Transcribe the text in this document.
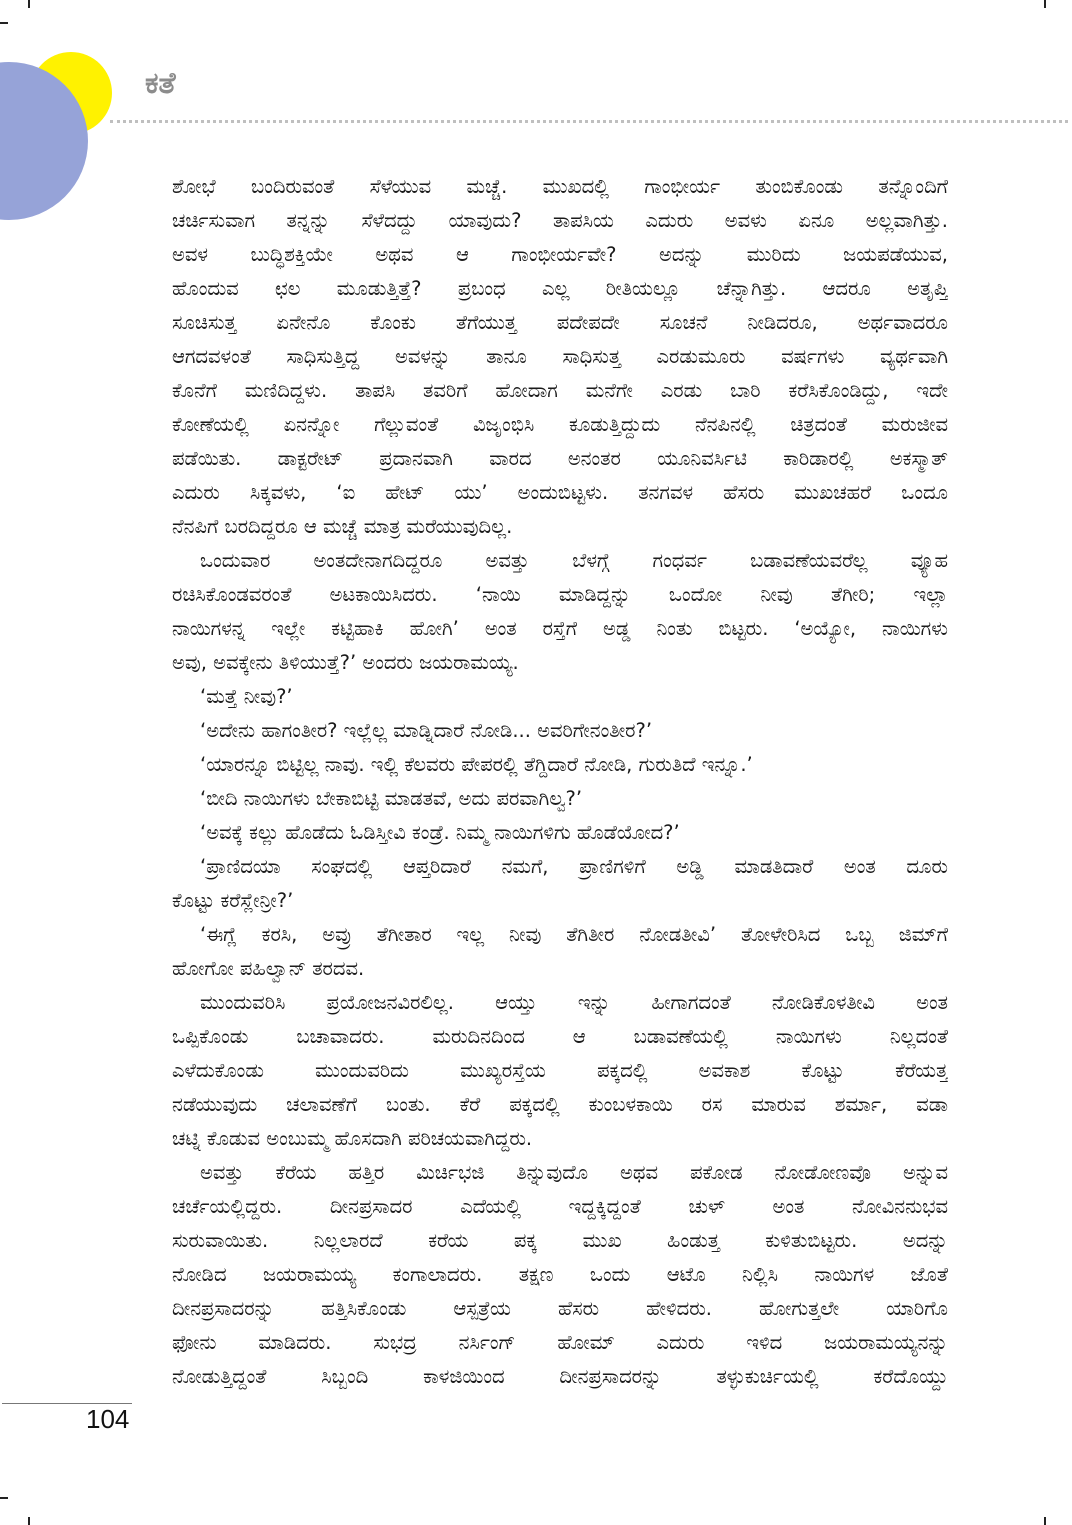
ಕತೆ
ಶೋಭೆ ಬಂದಿರುವಂತೆ ಸೆಳೆಯುವ ಮಚ್ಚೆ. ಮುಖದಲ್ಲಿ ಗಾಂಭೀರ್ಯ ತುಂಬಿಕೊಂಡು ತನ್ನೊಂದಿಗೆ
ಚರ್ಚಿಸುವಾಗ ತನ್ನನ್ನು ಸೆಳೆದದ್ದು ಯಾವುದು? ತಾಪಸಿಯ ಎದುರು ಅವಳು ಏನೂ ಅಲ್ಲವಾಗಿತ್ತು.
ಅವಳ ಬುದ್ಧಿಶಕ್ತಿಯೇ ಅಥವ ಆ ಗಾಂಭೀರ್ಯವೇ? ಅದನ್ನು ಮುರಿದು ಜಯಪಡೆಯುವ,
ಹೊಂದುವ ಛಲ ಮೂಡುತ್ತಿತ್ತೆ? ಪ್ರಬಂಧ ಎಲ್ಲ ರೀತಿಯಲ್ಲೂ ಚೆನ್ನಾಗಿತ್ತು. ಆದರೂ ಅತೃಪ್ತಿ
ಸೂಚಿಸುತ್ತ ಏನೇನೊ ಕೊಂಕು ತೆಗೆಯುತ್ತ ಪದೇಪದೇ ಸೂಚನೆ ನೀಡಿದರೂ, ಅರ್ಥವಾದರೂ
ಆಗದವಳಂತೆ ಸಾಧಿಸುತ್ತಿದ್ದ ಅವಳನ್ನು ತಾನೂ ಸಾಧಿಸುತ್ತ ಎರಡುಮೂರು ವರ್ಷಗಳು ವ್ಯರ್ಥವಾಗಿ
ಕೊನೆಗೆ ಮಣಿದಿದ್ದಳು. ತಾಪಸಿ ತವರಿಗೆ ಹೋದಾಗ ಮನೆಗೇ ಎರಡು ಬಾರಿ ಕರೆಸಿಕೊಂಡಿದ್ದು, ಇದೇ
ಕೋಣೆಯಲ್ಲಿ ಏನನ್ನೋ ಗೆಲ್ಲುವಂತೆ ವಿಜೃಂಭಿಸಿ ಕೂಡುತ್ತಿದ್ದುದು ನೆನಪಿನಲ್ಲಿ ಚಿತ್ರದಂತೆ ಮರುಜೀವ
ಪಡೆಯಿತು. ಡಾಕ್ಟರೇಟ್ ಪ್ರದಾನವಾಗಿ ವಾರದ ಅನಂತರ ಯೂನಿವರ್ಸಿಟಿ ಕಾರಿಡಾರಲ್ಲಿ ಅಕಸ್ಮಾತ್
ಎದುರು ಸಿಕ್ಕವಳು, ‘ಐ ಹೇಟ್ ಯು’ ಅಂದುಬಿಟ್ಟಳು. ತನಗವಳ ಹೆಸರು ಮುಖಚಹರೆ ಒಂದೂ
ನೆನಪಿಗೆ ಬರದಿದ್ದರೂ ಆ ಮಚ್ಚೆ ಮಾತ್ರ ಮರೆಯುವುದಿಲ್ಲ.
ಒಂದುವಾರ ಅಂತದೇನಾಗದಿದ್ದರೂ ಅವತ್ತು ಬೆಳಗ್ಗೆ ಗಂಧರ್ವ ಬಡಾವಣೆಯವರೆಲ್ಲ ವ್ಯೂಹ
ರಚಿಸಿಕೊಂಡವರಂತೆ ಅಟಕಾಯಿಸಿದರು. ‘ನಾಯಿ ಮಾಡಿದ್ದನ್ನು ಒಂದೋ ನೀವು ತೆಗೀರಿ; ಇಲ್ಲಾ
ನಾಯಿಗಳನ್ನ ಇಲ್ಲೇ ಕಟ್ಟಿಹಾಕಿ ಹೋಗಿ’ ಅಂತ ರಸ್ತೆಗೆ ಅಡ್ಡ ನಿಂತು ಬಿಟ್ಟರು. ‘ಅಯ್ಯೋ, ನಾಯಿಗಳು
ಅವು, ಅವಕ್ಕೇನು ತಿಳಿಯುತ್ತೆ?’ ಅಂದರು ಜಯರಾಮಯ್ಯ.
‘ಮತ್ತೆ ನೀವು?’
‘ಅದೇನು ಹಾಗಂತೀರ? ಇಲ್ಲೆಲ್ಲ ಮಾಡ್ನಿದಾರೆ ನೋಡಿ... ಅವರಿಗೇನಂತೀರ?’
‘ಯಾರನ್ನೂ ಬಿಟ್ಟಿಲ್ಲ ನಾವು. ಇಲ್ಲಿ ಕೆಲವರು ಪೇಪರಲ್ಲಿ ತೆಗ್ದಿದಾರೆ ನೋಡಿ, ಗುರುತಿದೆ ಇನ್ನೂ.’
‘ಬೀದಿ ನಾಯಿಗಳು ಬೇಕಾಬಿಟ್ಟಿ ಮಾಡತವೆ, ಅದು ಪರವಾಗಿಲ್ವ?’
‘ಅವಕ್ಕೆ ಕಲ್ಲು ಹೊಡೆದು ಓಡಿಸ್ತೀವಿ ಕಂಡ್ರೆ. ನಿಮ್ಮ ನಾಯಿಗಳಿಗು ಹೊಡೆಯೋದ?’
‘ಪ್ರಾಣಿದಯಾ ಸಂಘದಲ್ಲಿ ಆಪ್ತರಿದಾರೆ ನಮಗೆ, ಪ್ರಾಣಿಗಳಿಗೆ ಅಡ್ಡಿ ಮಾಡತಿದಾರೆ ಅಂತ ದೂರು
ಕೊಟ್ಟು ಕರೆಸ್ಲೇನ್ರೀ?’
‘ಈಗ್ಲೆ ಕರಸಿ, ಅವ್ರು ತೆಗೀತಾರ ಇಲ್ಲ ನೀವು ತೆಗಿತೀರ ನೋಡತೀವಿ’ ತೋಳೇರಿಸಿದ ಒಬ್ಬ ಜಿಮ್‌ಗೆ
ಹೋಗೋ ಪಹಿಲ್ವಾನ್ ತರದವ.
ಮುಂದುವರಿಸಿ ಪ್ರಯೋಜನವಿರಲಿಲ್ಲ. ಆಯ್ತು ಇನ್ನು ಹೀಗಾಗದಂತೆ ನೋಡಿಕೊಳತೀವಿ ಅಂತ
ಒಪ್ಪಿಕೊಂಡು ಬಚಾವಾದರು. ಮರುದಿನದಿಂದ ಆ ಬಡಾವಣೆಯಲ್ಲಿ ನಾಯಿಗಳು ನಿಲ್ಲದಂತೆ
ಎಳೆದುಕೊಂಡು ಮುಂದುವರಿದು ಮುಖ್ಯರಸ್ತೆಯ ಪಕ್ಕದಲ್ಲಿ ಅವಕಾಶ ಕೊಟ್ಟು ಕೆರೆಯತ್ತ
ನಡೆಯುವುದು ಚಲಾವಣೆಗೆ ಬಂತು. ಕೆರೆ ಪಕ್ಕದಲ್ಲಿ ಕುಂಬಳಕಾಯಿ ರಸ ಮಾರುವ ಶರ್ಮಾ, ವಡಾ
ಚಟ್ನಿ ಕೊಡುವ ಅಂಬುಮ್ಮ ಹೊಸದಾಗಿ ಪರಿಚಯವಾಗಿದ್ದರು.
ಅವತ್ತು ಕೆರೆಯ ಹತ್ತಿರ ಮಿರ್ಚಿಭಜಿ ತಿನ್ನುವುದೊ ಅಥವ ಪಕೋಡ ನೋಡೋಣವೊ ಅನ್ನುವ
ಚರ್ಚೆಯಲ್ಲಿದ್ದರು. ದೀನಪ್ರಸಾದರ ಎದೆಯಲ್ಲಿ ಇದ್ದಕ್ಕಿದ್ದಂತೆ ಚುಳ್ ಅಂತ ನೋವಿನನುಭವ
ಸುರುವಾಯಿತು. ನಿಲ್ಲಲಾರದೆ ಕರೆಯ ಪಕ್ಕ ಮುಖ ಹಿಂಡುತ್ತ ಕುಳಿತುಬಿಟ್ಟರು. ಅದನ್ನು
ನೋಡಿದ ಜಯರಾಮಯ್ಯ ಕಂಗಾಲಾದರು. ತಕ್ಷಣ ಒಂದು ಆಟೊ ನಿಲ್ಲಿಸಿ ನಾಯಿಗಳ ಜೊತೆ
ದೀನಪ್ರಸಾದರನ್ನು ಹತ್ತಿಸಿಕೊಂಡು ಆಸ್ಪತ್ರೆಯ ಹೆಸರು ಹೇಳಿದರು. ಹೋಗುತ್ತಲೇ ಯಾರಿಗೊ
ಫೋನು ಮಾಡಿದರು. ಸುಭದ್ರ ನರ್ಸಿಂಗ್ ಹೋಮ್ ಎದುರು ಇಳಿದ ಜಯರಾಮಯ್ಯನನ್ನು
ನೋಡುತ್ತಿದ್ದಂತೆ ಸಿಬ್ಬಂದಿ ಕಾಳಜಿಯಿಂದ ದೀನಪ್ರಸಾದರನ್ನು ತಳ್ಳುಕುರ್ಚಿಯಲ್ಲಿ ಕರೆದೊಯ್ದು
104
